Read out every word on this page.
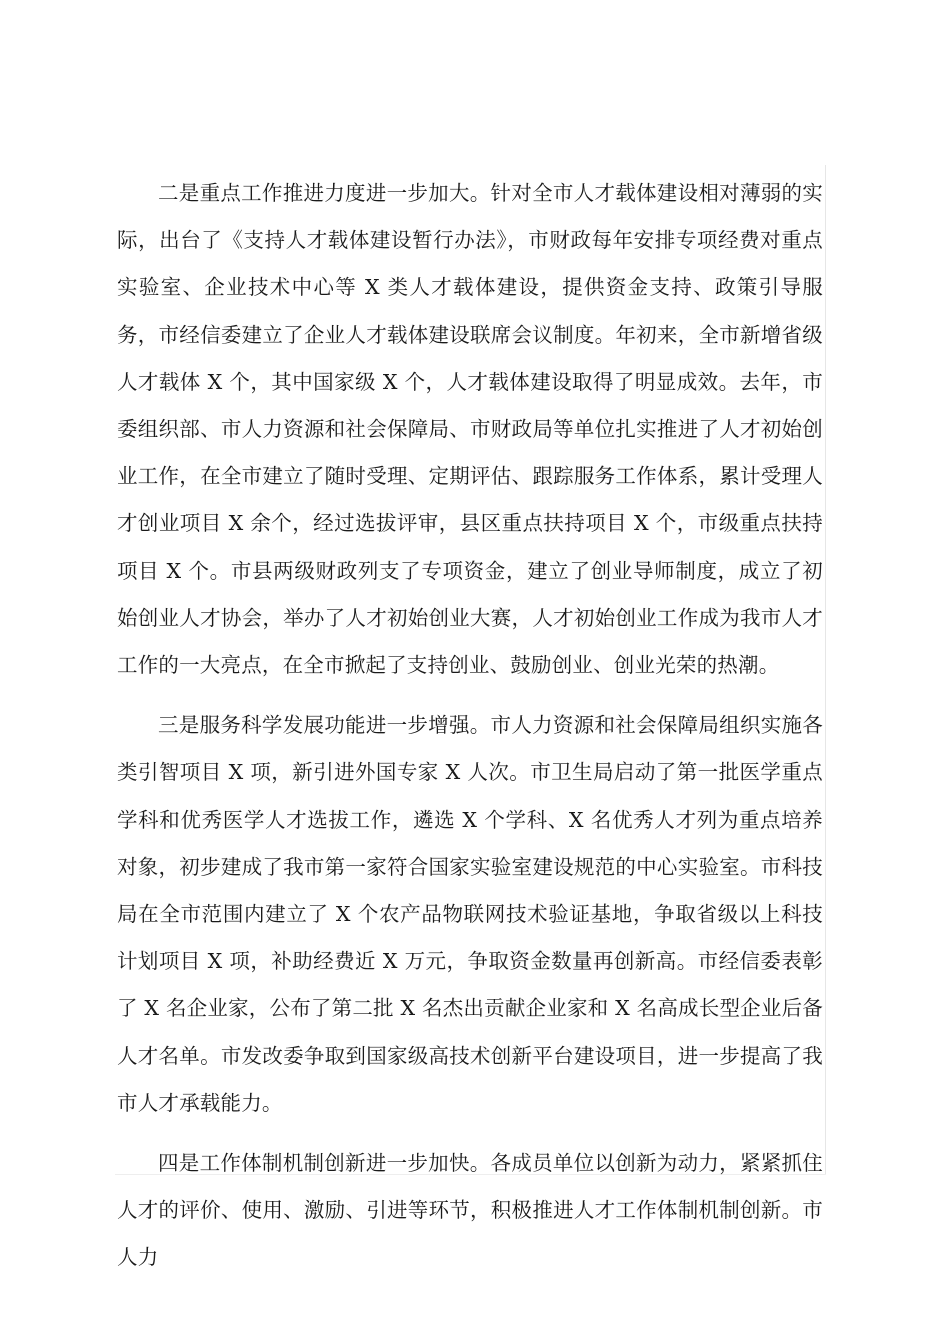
二是重点工作推进力度进一步加大。针对全市人才载体建设相对薄弱的实际，出台了《支持人才载体建设暂行办法》，市财政每年安排专项经费对重点实验室、企业技术中心等 X 类人才载体建设，提供资金支持、政策引导服务，市经信委建立了企业人才载体建设联席会议制度。年初来，全市新增省级人才载体 X 个，其中国家级 X 个，人才载体建设取得了明显成效。去年，市委组织部、市人力资源和社会保障局、市财政局等单位扎实推进了人才初始创业工作，在全市建立了随时受理、定期评估、跟踪服务工作体系，累计受理人才创业项目 X 余个，经过选拔评审，县区重点扶持项目 X 个，市级重点扶持项目 X 个。市县两级财政列支了专项资金，建立了创业导师制度，成立了初始创业人才协会，举办了人才初始创业大赛，人才初始创业工作成为我市人才工作的一大亮点，在全市掀起了支持创业、鼓励创业、创业光荣的热潮。

三是服务科学发展功能进一步增强。市人力资源和社会保障局组织实施各类引智项目 X 项，新引进外国专家 X 人次。市卫生局启动了第一批医学重点学科和优秀医学人才选拔工作，遴选 X 个学科、X 名优秀人才列为重点培养对象，初步建成了我市第一家符合国家实验室建设规范的中心实验室。市科技局在全市范围内建立了 X 个农产品物联网技术验证基地，争取省级以上科技计划项目 X 项，补助经费近 X 万元，争取资金数量再创新高。市经信委表彰了 X 名企业家，公布了第二批 X 名杰出贡献企业家和 X 名高成长型企业后备人才名单。市发改委争取到国家级高技术创新平台建设项目，进一步提高了我市人才承载能力。

四是工作体制机制创新进一步加快。各成员单位以创新为动力，紧紧抓住人才的评价、使用、激励、引进等环节，积极推进人才工作体制机制创新。市人力
